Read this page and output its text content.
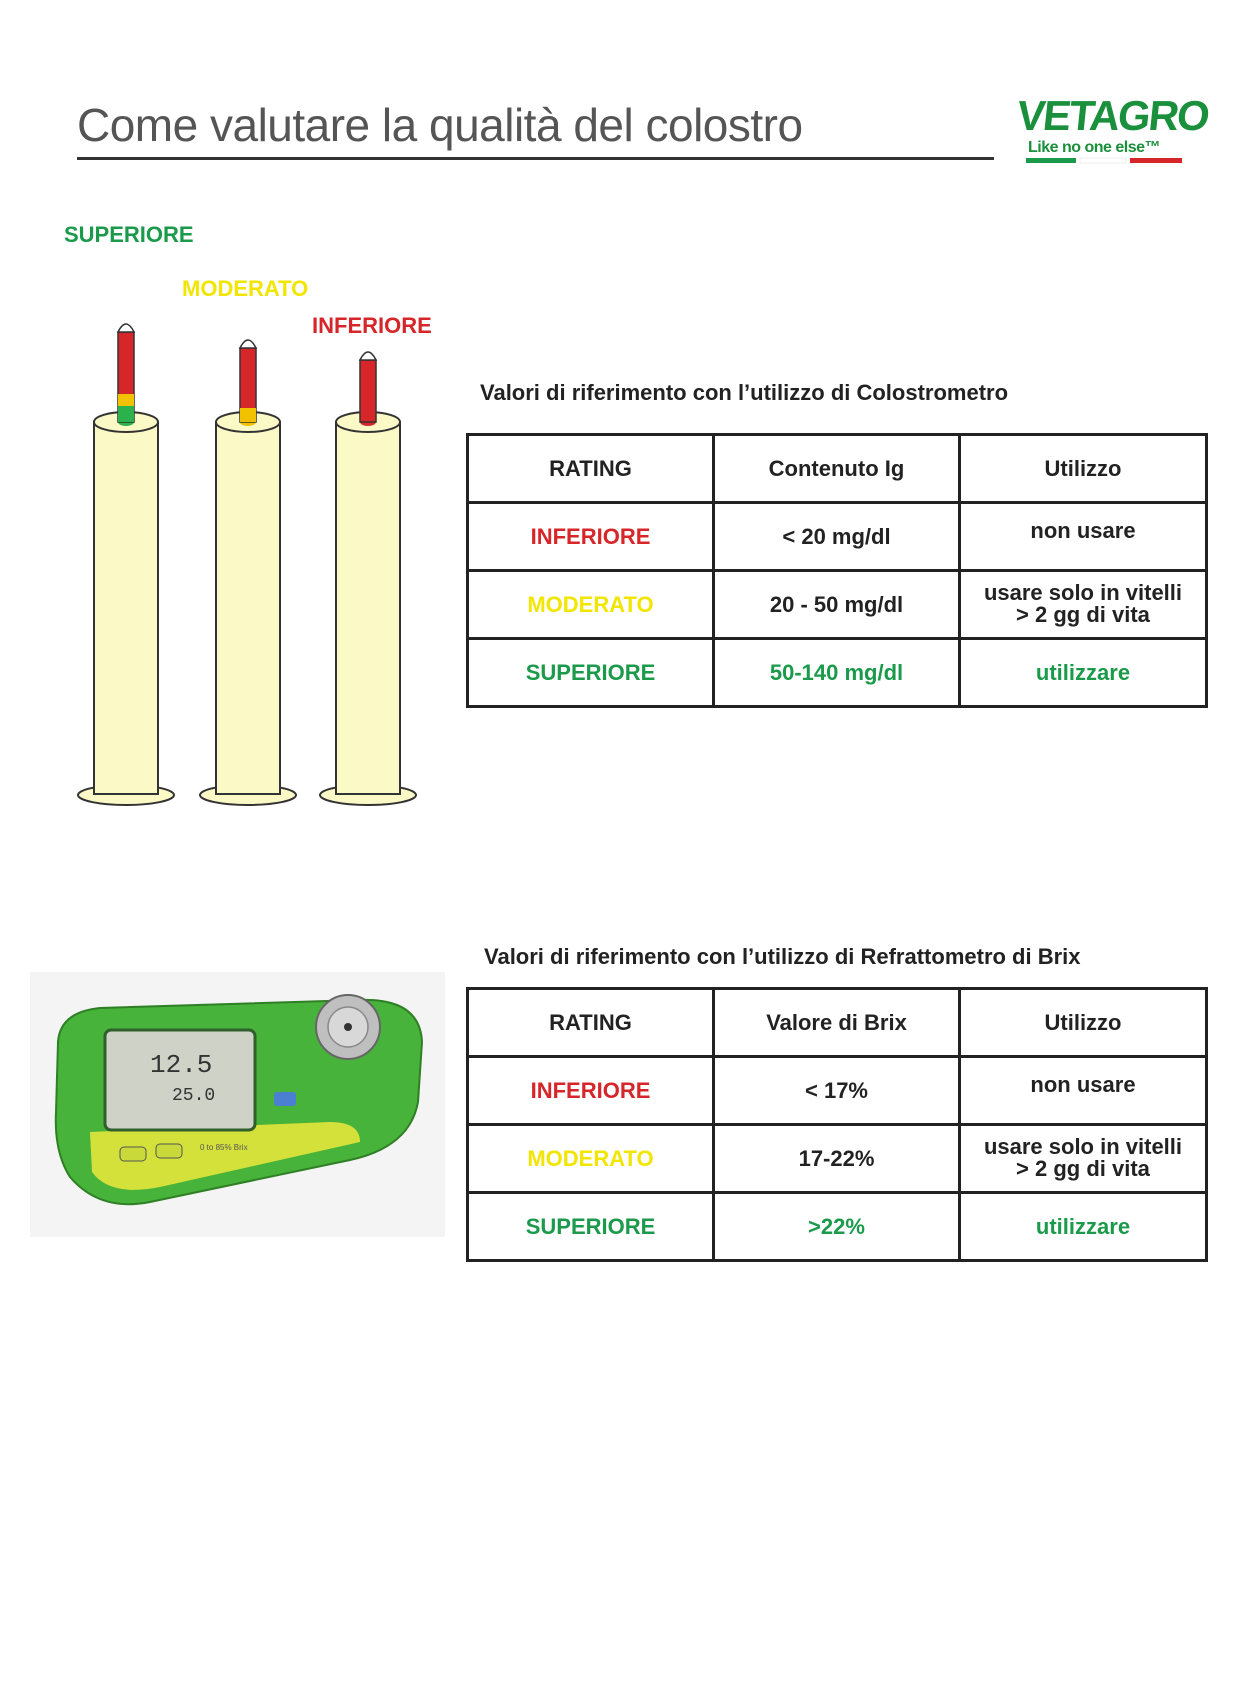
Come valutare la qualità del colostro	VETAGRO
Like no one else™
SUPERIORE
MODERATO
INFERIORE
Valori di riferimento con l’utilizzo di Colostrometro
RATING	Contenuto Ig	Utilizzo
INFERIORE	< 20 mg/dl	non usare
MODERATO	20 - 50 mg/dl	usare solo in vitelli
> 2 gg di vita
SUPERIORE	50-140 mg/dl	utilizzare
12.5
25.0
0 to 85% Brix
Valori di riferimento con l’utilizzo di Refrattometro di Brix
RATING	Valore di Brix	Utilizzo
INFERIORE	< 17%	non usare
MODERATO	17-22%	usare solo in vitelli
> 2 gg di vita
SUPERIORE	>22%	utilizzare
